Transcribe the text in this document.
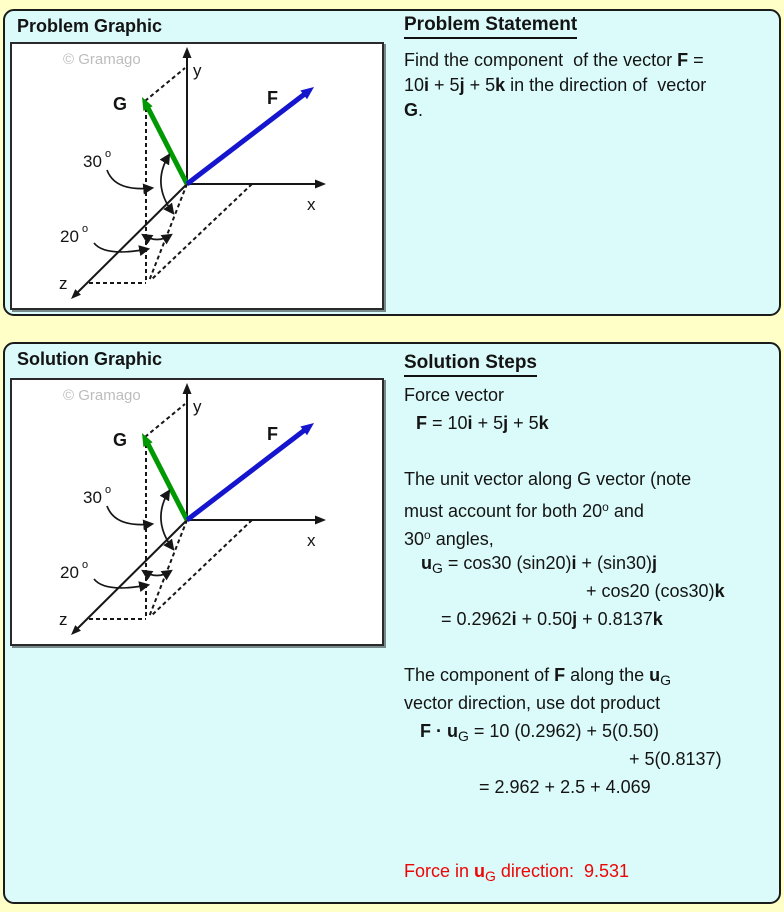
Problem Graphic
© Gramago
y
x
z
G	F
30 o
20 o
Problem Statement
Find the component  of the vector F =
10i + 5j + 5k in the direction of  vector
G.
Solution Graphic
© Gramago
y
x
z
G	F
30 o
20 o
Solution Steps
Force vector
F = 10i + 5j + 5k
The unit vector along G vector (note
must account for both 20$^o$ and
30$^o$ angles,
$u_G = \cos 30$ (sin20)i + (sin30)j
+ cos20 (cos30)k
= 0.2962i + 0.50j + 0.8137k
The component of F along the $u_G$
vector direction, use dot product
$F \cdot u_G = 10$ (0.2962) + 5(0.50)
+ 5(0.8137)
= 2.962 + 2.5 + 4.069
Force in $u_G$ direction:  9.531
